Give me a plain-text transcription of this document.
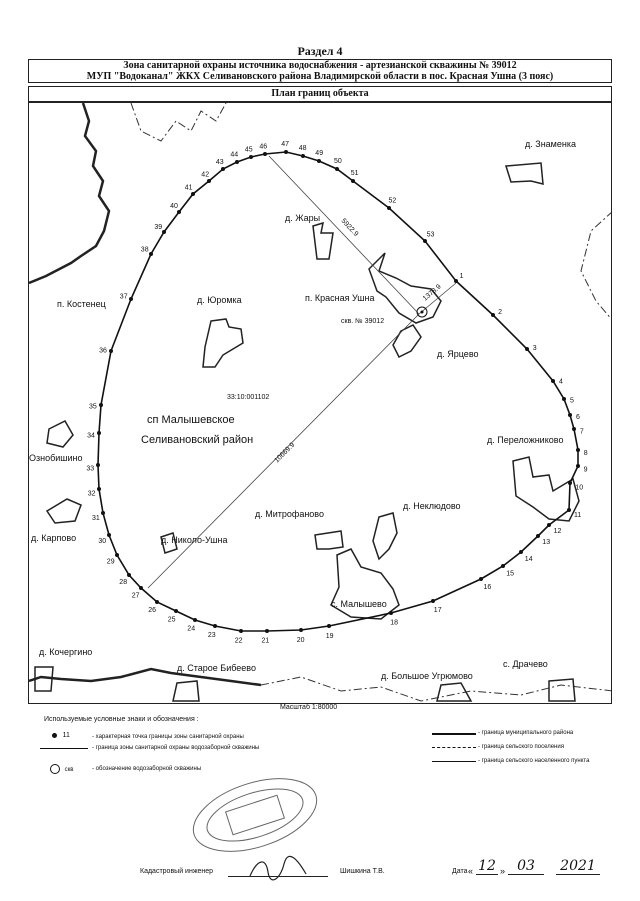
Раздел 4
Зона санитарной охраны источника водоснабжения - артезианской скважины № 39012
МУП "Водоканал" ЖКХ Селивановского района Владимирской области в пос. Красная Ушна (3 пояс)
План границ объекта
1
2
3
4
5
6
7
8
9
10
11
12
13
14
15
16
17
18
19
20
21
22
23
24
25
26
27
28
29
30
31
32
33
34
35
36
37
38
39
40
41
42
43
44
45 46 47
48
49
50
51
52
53
д. Знаменка
д. Жары
п. Костенец	д. Юромка	п. Красная Ушна
скв. № 39012
д. Ярцево
д. Переложниково
Ознобишино
д. Неклюдово
д. Митрофаново
д. Карпово	д. Николо-Ушна
с. Малышево
д. Кочергино
д. Старое Бибеево	с. Драчево
д. Большое Угрюмово
сп Малышевское
Селивановский район
33:10:001102
10669.9
5922.9
1378.9
Масштаб 1:80000
Используемые условные знаки и обозначения :
11	- характерная точка границы зоны санитарной охраны
- граница зоны санитарной охраны водозаборной скважины
скв	- обозначение водозаборной скважины
- граница муниципального района
- граница сельского поселения
- граница сельского населенного пункта
Кадастровый инженер	Шишкина Т.В.	Дата « 12 » 03	2021
